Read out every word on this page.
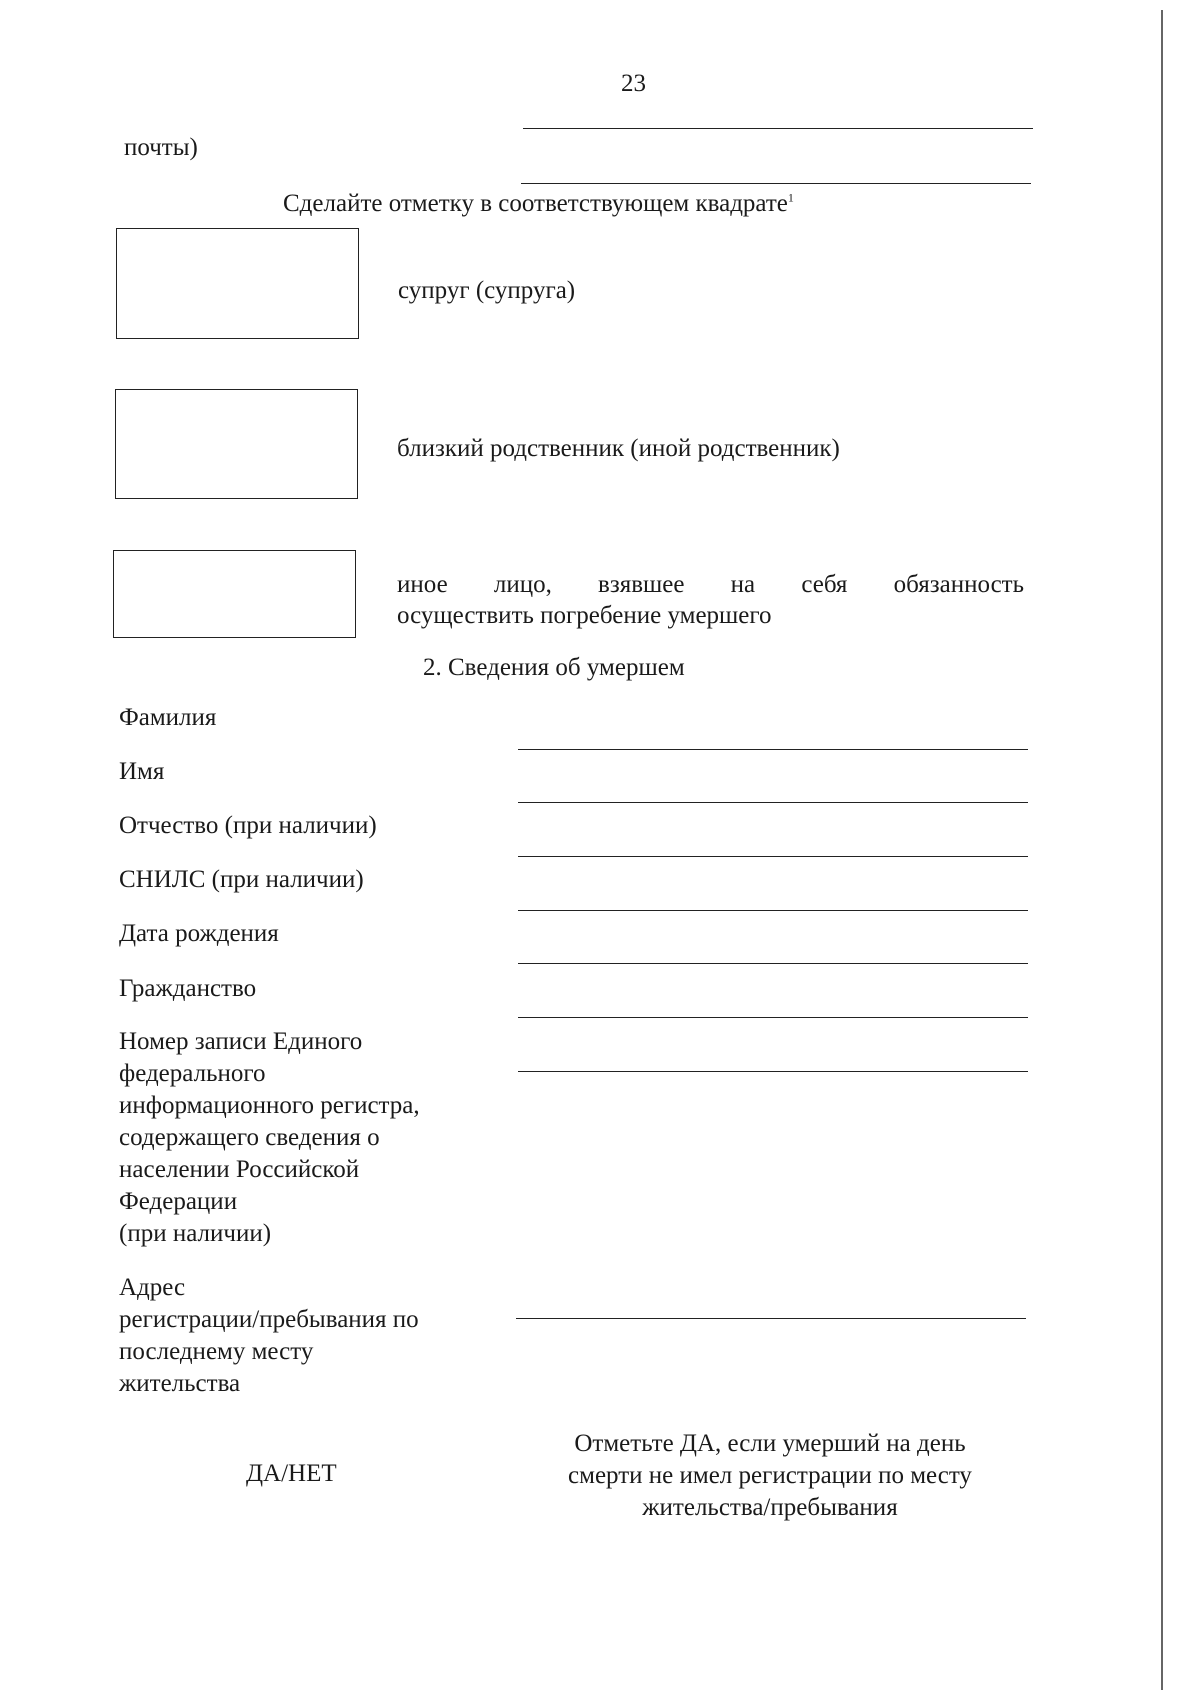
23
почты)
Сделайте отметку в соответствующем квадрате$^1$
супруг (супруга)
близкий родственник (иной родственник)
иное лицо, взявшее на себя обязанность
осуществить погребение умершего
2. Сведения об умершем
Фамилия
Имя
Отчество (при наличии)
СНИЛС (при наличии)
Дата рождения
Гражданство
Номер записи Единого
федерального
информационного регистра,
содержащего сведения о
населении Российской
Федерации
(при наличии)
Адрес
регистрации/пребывания по
последнему месту
жительства
ДА/НЕТ
Отметьте ДА, если умерший на день
смерти не имел регистрации по месту
жительства/пребывания
